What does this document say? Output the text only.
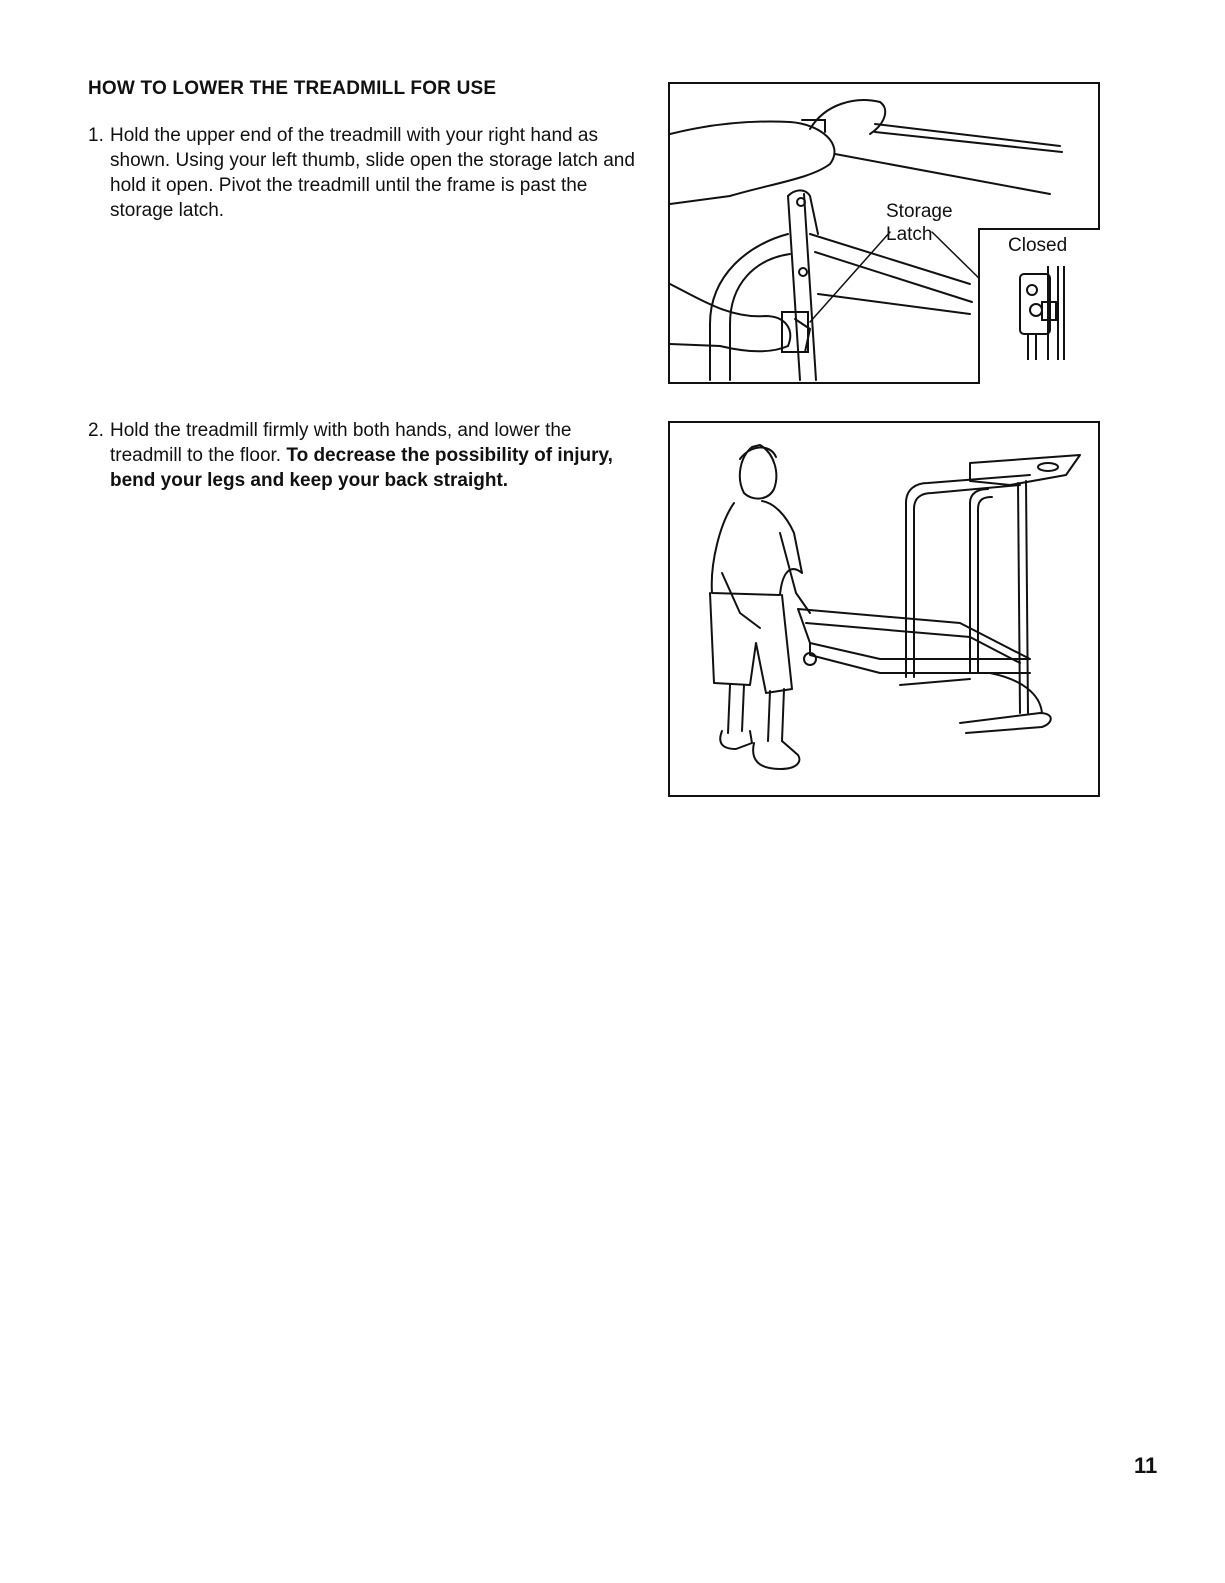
HOW TO LOWER THE TREADMILL FOR USE
1. Hold the upper end of the treadmill with your right hand as shown. Using your left thumb, slide open the storage latch and hold it open. Pivot the treadmill until the frame is past the storage latch.
2. Hold the treadmill firmly with both hands, and lower the treadmill to the floor. To decrease the possibility of injury, bend your legs and keep your back straight.
Storage
Latch
Closed
11
